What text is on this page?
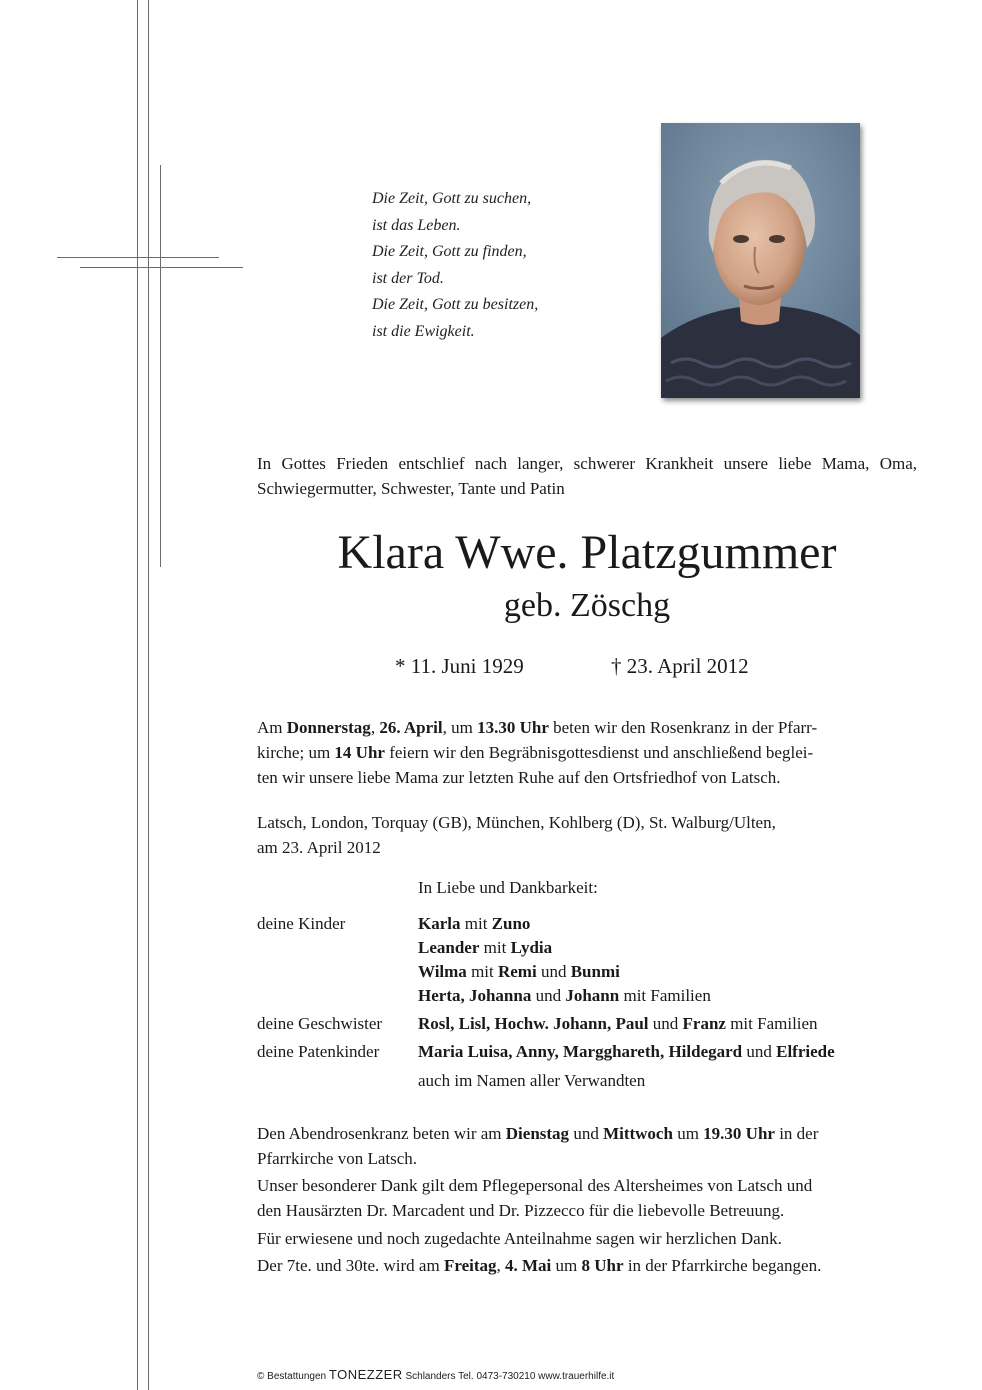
Die Zeit, Gott zu suchen,
ist das Leben.
Die Zeit, Gott zu finden,
ist der Tod.
Die Zeit, Gott zu besitzen,
ist die Ewigkeit.
In Gottes Frieden entschlief nach langer, schwerer Krankheit unsere liebe Mama, Oma, Schwiegermutter, Schwester, Tante und Patin
Klara Wwe. Platzgummer
geb. Zöschg
* 11. Juni 1929	† 23. April 2012
Am Donnerstag, 26. April, um 13.30 Uhr beten wir den Rosenkranz in der Pfarr-
kirche; um 14 Uhr feiern wir den Begräbnisgottesdienst und anschließend beglei-
ten wir unsere liebe Mama zur letzten Ruhe auf den Ortsfriedhof von Latsch.
Latsch, London, Torquay (GB), München, Kohlberg (D), St. Walburg/Ulten,
am 23. April 2012
In Liebe und Dankbarkeit:
deine Kinder	Karla mit Zuno
Leander mit Lydia
Wilma mit Remi und Bunmi
Herta, Johanna und Johann mit Familien
deine Geschwister Rosl, Lisl, Hochw. Johann, Paul und Franz mit Familien
deine Patenkinder Maria Luisa, Anny, Margghareth, Hildegard und Elfriede
auch im Namen aller Verwandten
Den Abendrosenkranz beten wir am Dienstag und Mittwoch um 19.30 Uhr in der
Pfarrkirche von Latsch.
Unser besonderer Dank gilt dem Pflegepersonal des Altersheimes von Latsch und
den Hausärzten Dr. Marcadent und Dr. Pizzecco für die liebevolle Betreuung.
Für erwiesene und noch zugedachte Anteilnahme sagen wir herzlichen Dank.
Der 7te. und 30te. wird am Freitag, 4. Mai um 8 Uhr in der Pfarrkirche begangen.
© Bestattungen TONEZZER Schlanders Tel. 0473-730210 www.trauerhilfe.it
